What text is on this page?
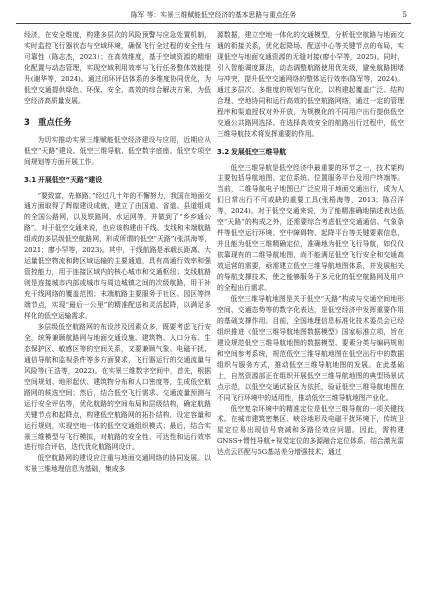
陈军 等：实景三维赋能低空经济的基本思路与重点任务	5

经济，在安全维度，构建多层次的风险预警与应急处置机制，实时监控飞行器状态与空域环境，确保飞行全过程的安全性与可靠性（陈志杰，2023）；在高效维度，基于空域资源的精细化配置与动态管理，实现空域利用效率与飞行任务整体效能提升(谢华等，2024)。通过闭环评估体系的多维度协同优化，为低空交通提供绿色、环保、安全、高效的综合解决方案，为低空经济高质量发展。

3 重点任务

为切实推动实景三维赋能低空经济建设与应用，近期应从低空“天路”建设、低空三维导航、低空数字底座、低空专项空间规划等方面开展工作。

3.1 开展低空“天路”建设

“要致富，先修路。”经过几十年的不懈努力，我国在地面交通方面取得了辉煌建设成就，建立了由国道、省道、县道组成的全国公路网，以及铁路网、水运网等，并做到了“乡乡通公路”。对于低空交通来说，也应该构建由干线、支线和末端航路组成的多层级低空航路网，形成所谓的低空“天路”(张洪海等，2021；廖小罕等，2023)。其中，干线航路是承载长距离、大运量低空物流和跨区域运输的主要通道，具有高通行效率和强管控能力，用于连接区域内的核心城市和交通枢纽；支线航路则是连接城市内部或城市与周边城镇之间的次级航路，用于补充干线网络的覆盖范围；末端航路主要服务于社区、园区等终端节点，实现“最后一公里”的精准配送和灵活起降，以满足多样化的低空运输需求。

多层级低空航路网的布设涉及因素众多，既要考虑飞行安全，统筹兼顾航路网与地面交通设施、建筑物、人口分布、生态保护区、敏感区等的空间关系，又要兼顾气象、电磁干扰、通信导航和监视条件等多方面要求，飞行器运行的交通流量与风险等(王浩等，2022)。在实景三维数字空间中，首先，根据空间规划、地形起伏、建筑物分布和人口密度等，生成低空航路网的候选空间；然后，结合低空飞行需求、交通流量预测与运行安全评估等，优化航路的空间布局和层级结构，确定航路关键节点和起降点，构建低空航路网的拓扑结构，设定容量和运行规则，实现空地一体的低空交通组织模式；最后，结合实景三维模型与飞行模拟，对航路的安全性、可达性和运行效率进行综合评估，迭代优化航路网设计。

低空航路网的建设应注重与地面交通网络的协同发展。以实景三维地理信息为基础，集成多

源数据，建立空地一体化的交通模型，分析低空航路与地面交通的衔接关系，优化起降场、配送中心等关键节点的布局，实现低空与地面交通资源的无缝对接(廖小罕等，2025)。同时，引入智能调度算法，动态调整航路使用优先级，避免航路拥堵与冲突，提升低空交通网络的整体运行效率(陈军等，2024)。通过多层次、多维度的规划与优化，以构建起覆盖广泛、结构合理、空地协同和运行高效的低空航路网络，通过一定的管理程序和渠道授权对外开放，为规模化的不同用户出行提供低空交通公共路网选择。在选择高效安全的航路出行过程中，低空三维导航技术将发挥重要的作用。

3.2 发展低空三维导航

低空三维导航是低空经济中最重要的环节之一，技术架构主要包括导航地图、定位系统、位置服务平台及用户终端等。当前，二维导航电子地图已广泛应用于地面交通出行，成为人们日常出行不可或缺的重要工具(张梧海等，2013；陈召洋等，2024)。对于低空交通来说，为了能精准确地描述表达低空“天路”的构成之外，还需要综合考虑低空交通通信、气象条件等低空运行环境、空中障碍物、起降平台等关键要素信息，并且能为低空三维精确定位，准确地为低空飞行导航，如仅仅依靠现有的二维导航地图，尚不能满足低空飞行安全和交通高效运营的需要，亟需建立低空三维导航地图体系，并发展相关的导航支撑技术，使之能够服务于多元化的低空航路网及用户的全程出行需求。

低空三维导航地图是关于低空“天路”构成与交通空间地形空间、交通态势等的数字化表达，是低空经济中发挥重要作用的基础支撑作用。目前，全国地理信息标准化技术委员会已经组织推进《低空三维导航地图数据模型》国家标准立项，旨在建设规范低空三维导航地图的数据模型、要素分类与编码规则和空间参考系统，规范低空三维导航地图在低空出行中的数据组织与服务方式，推动低空三维导航地图的发展。在此基础上，自然资源部正在组织开展低空三维导航地图的典型场景试点示范，以低空交通试验区为依托，验证低空三维导航地图在不同飞行环境中的适用性，推动低空三维导航地图产业化。

低空复杂环境中的精准定位是低空三维导航的一项关键技术。在城市建筑密集区、峡谷地形及电磁干扰环境下，传统卫星定位易出现信号衰减和多路径效应问题。因此，需构建GNSS+惯性导航+视觉定位的多源融合定位体系，结合激光雷达点云匹配与5G基站差分增强技术，通过
